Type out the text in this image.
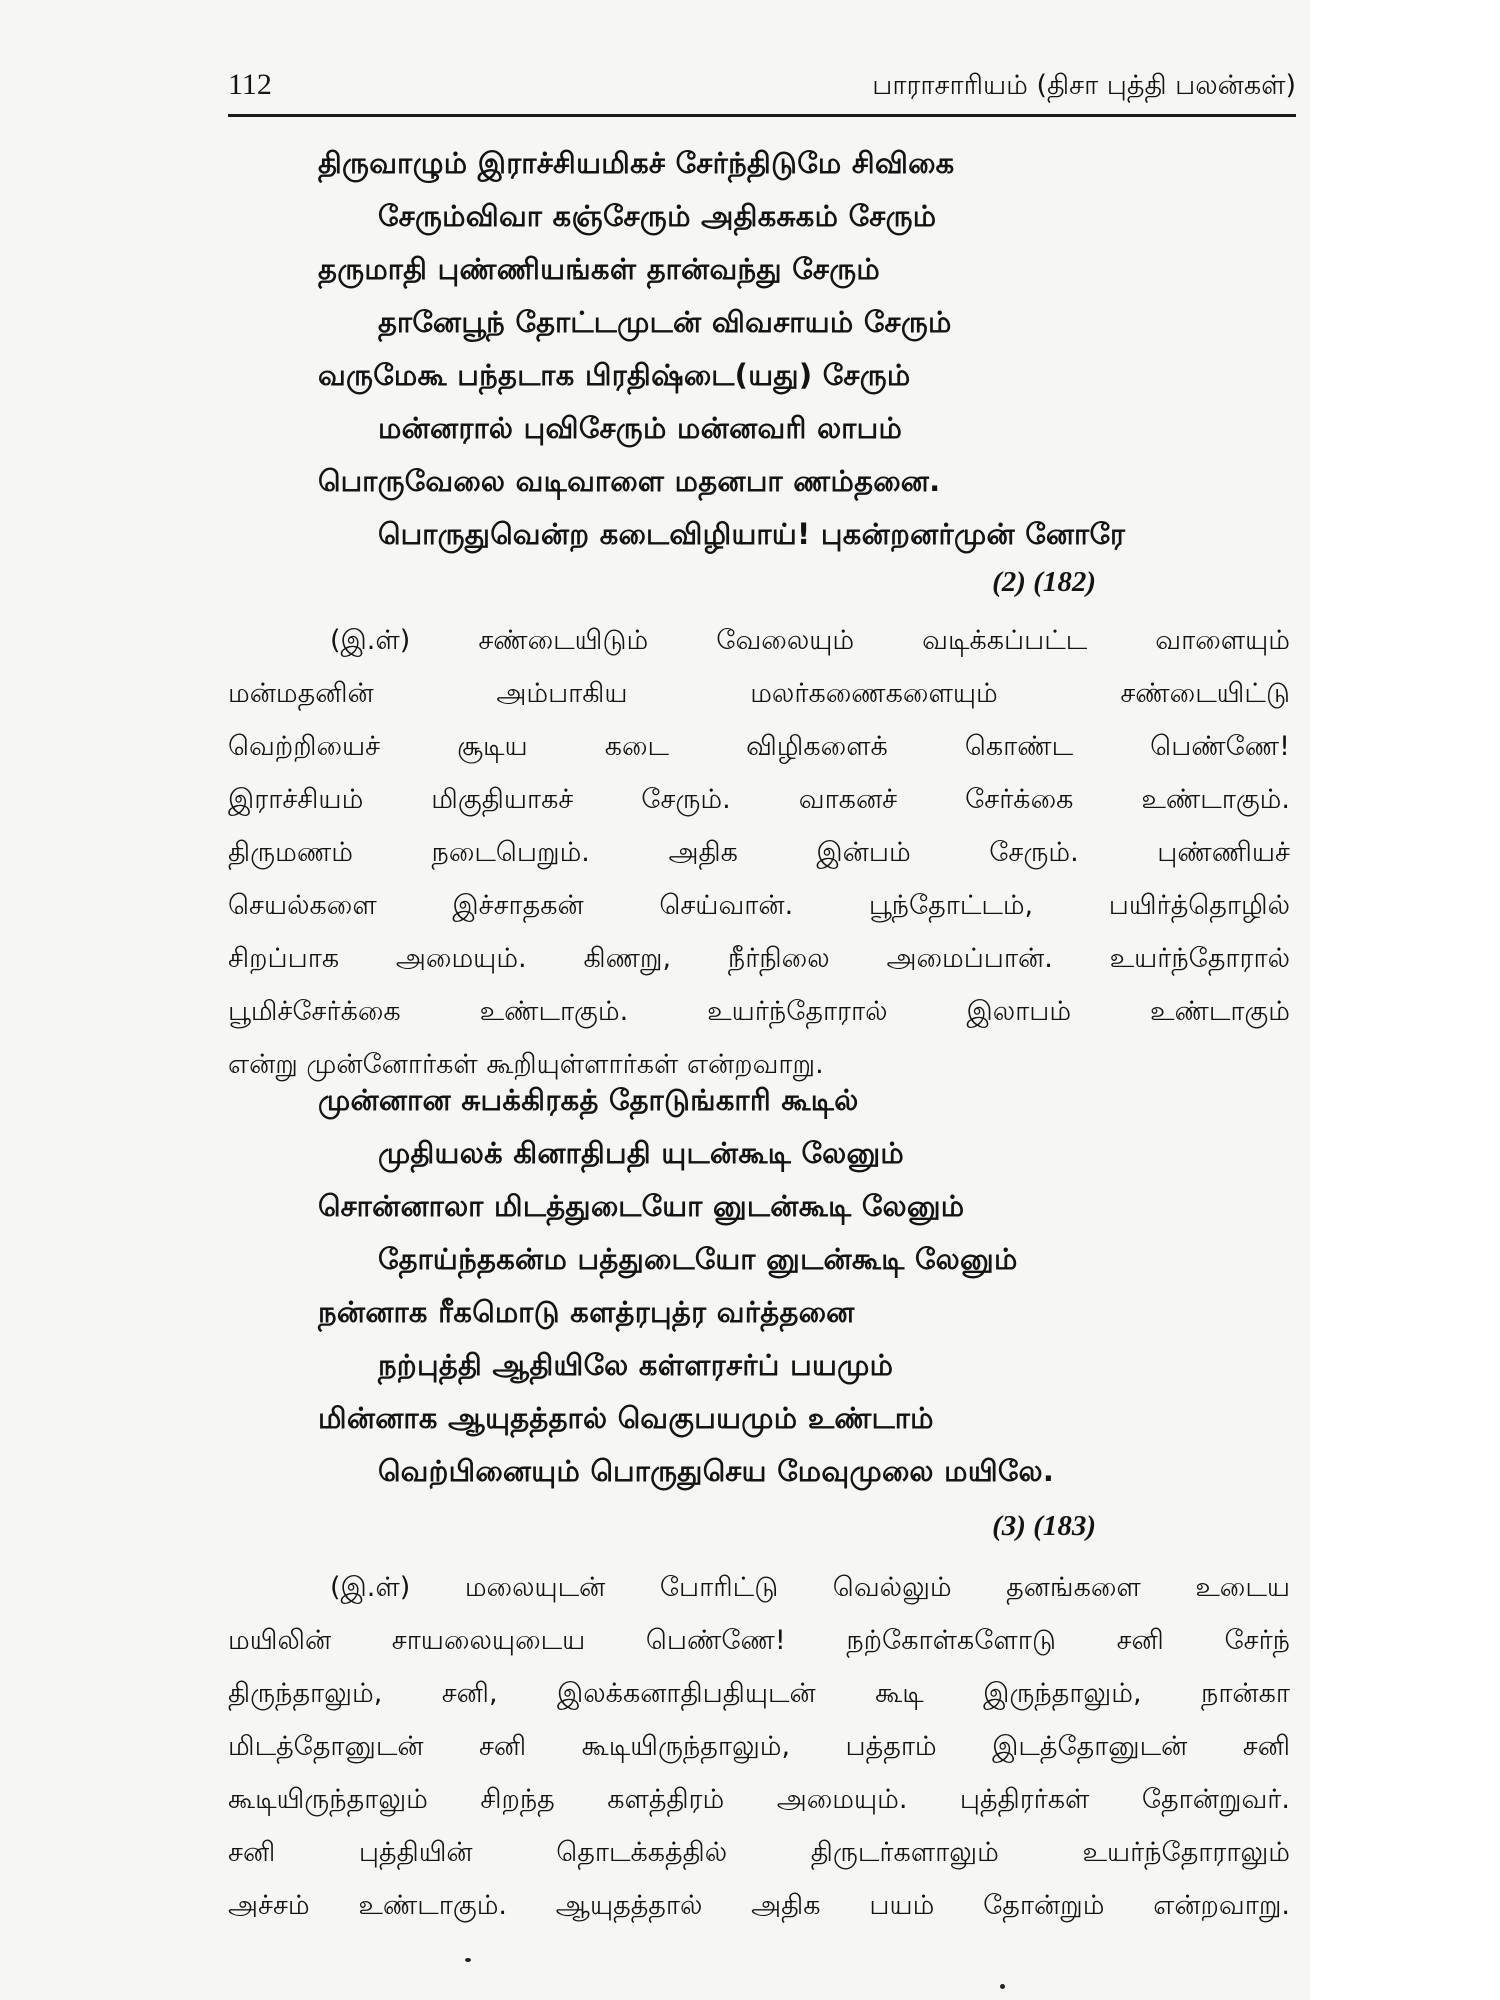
112	பாராசாரியம் (திசா புத்தி பலன்கள்)
திருவாழும் இராச்சியமிகச் சேர்ந்திடுமே சிவிகை
சேரும்விவா கஞ்சேரும் அதிகசுகம் சேரும்
தருமாதி புண்ணியங்கள் தான்வந்து சேரும்
தானேபூந் தோட்டமுடன் விவசாயம் சேரும்
வருமேகூ பந்தடாக பிரதிஷ்டை(யது) சேரும்
மன்னரால் புவிசேரும் மன்னவரி லாபம்
பொருவேலை வடிவாளை மதனபா ணம்தனை.
பொருதுவென்ற கடைவிழியாய்! புகன்றனர்முன் னோரே
(2) (182)
(இ.ள்) சண்டையிடும் வேலையும் வடிக்கப்பட்ட வாளையும்
மன்மதனின் அம்பாகிய மலர்கணைகளையும் சண்டையிட்டு
வெற்றியைச் சூடிய கடை விழிகளைக் கொண்ட பெண்ணே!
இராச்சியம் மிகுதியாகச் சேரும். வாகனச் சேர்க்கை உண்டாகும்.
திருமணம் நடைபெறும். அதிக இன்பம் சேரும். புண்ணியச்
செயல்களை இச்சாதகன் செய்வான். பூந்தோட்டம், பயிர்த்தொழில்
சிறப்பாக அமையும். கிணறு, நீர்நிலை அமைப்பான். உயர்ந்தோரால்
பூமிச்சேர்க்கை உண்டாகும். உயர்ந்தோரால் இலாபம் உண்டாகும்
என்று முன்னோர்கள் கூறியுள்ளார்கள் என்றவாறு.
முன்னான சுபக்கிரகத் தோடுங்காரி கூடில்
முதியலக் கினாதிபதி யுடன்கூடி லேனும்
சொன்னாலா மிடத்துடையோ னுடன்கூடி லேனும்
தோய்ந்தகன்ம பத்துடையோ னுடன்கூடி லேனும்
நன்னாக ரீகமொடு களத்ரபுத்ர வர்த்தனை
நற்புத்தி ஆதியிலே கள்ளரசர்ப் பயமும்
மின்னாக ஆயுதத்தால் வெகுபயமும் உண்டாம்
வெற்பினையும் பொருதுசெய மேவுமுலை மயிலே.
(3) (183)
(இ.ள்) மலையுடன் போரிட்டு வெல்லும் தனங்களை உடைய
மயிலின் சாயலையுடைய பெண்ணே! நற்கோள்களோடு சனி சேர்ந்
திருந்தாலும், சனி, இலக்கனாதிபதியுடன் கூடி இருந்தாலும், நான்கா
மிடத்தோனுடன் சனி கூடியிருந்தாலும், பத்தாம் இடத்தோனுடன் சனி
கூடியிருந்தாலும் சிறந்த களத்திரம் அமையும். புத்திரர்கள் தோன்றுவர்.
சனி புத்தியின் தொடக்கத்தில் திருடர்களாலும் உயர்ந்தோராலும்
அச்சம் உண்டாகும். ஆயுதத்தால் அதிக பயம் தோன்றும் என்றவாறு.
